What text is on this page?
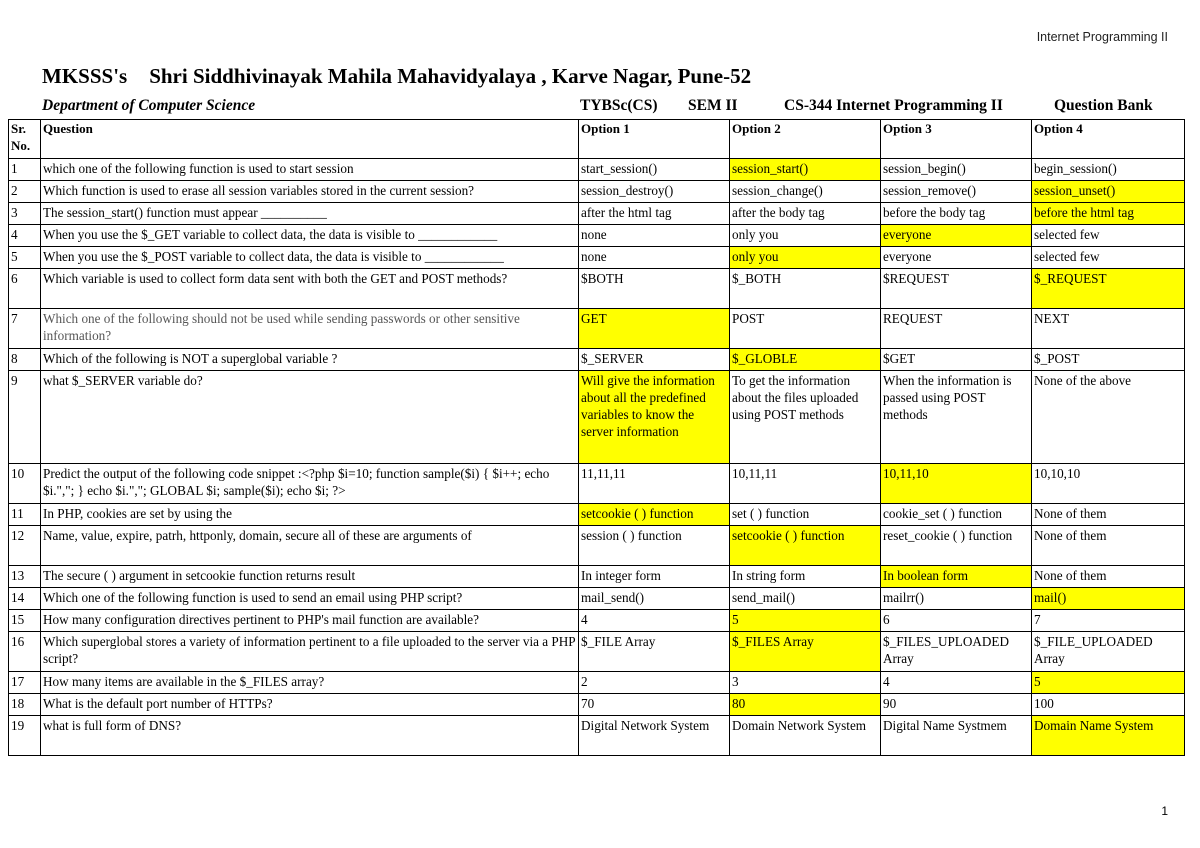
Internet Programming II
MKSSS's Shri Siddhivinayak Mahila Mahavidyalaya , Karve Nagar, Pune-52
Department of Computer Science	TYBSc(CS) SEM II	CS-344 Internet Programming II	Question Bank
Sr. No.	Question	Option 1	Option 2	Option 3	Option 4
1	which one of the following function is used to start session	start_session()	session_start()	session_begin()	begin_session()
2	Which function is used to erase all session variables stored in the current session?	session_destroy()	session_change()	session_remove()	session_unset()
3	The session_start() function must appear __________	after the html tag	after the body tag	before the body tag	before the html tag
4	When you use the $_GET variable to collect data, the data is visible to ____________	none	only you	everyone	selected few
5	When you use the $_POST variable to collect data, the data is visible to ____________	none	only you	everyone	selected few
6	Which variable is used to collect form data sent with both the GET and POST methods?	$BOTH	$_BOTH	$REQUEST	$_REQUEST
7	Which one of the following should not be used while sending passwords or other sensitive information?	GET	POST	REQUEST	NEXT
8	Which of the following is NOT a superglobal variable ?	$_SERVER	$_GLOBLE	$GET	$_POST
9	what $_SERVER variable do?	Will give the information about all the predefined variables to know the server information	To get the information about the files uploaded using POST methods	When the information is passed using POST methods	None of the above
10	Predict the output of the following code snippet :<?php $i=10; function sample($i) { $i++; echo $i.","; } echo $i.","; GLOBAL $i; sample($i); echo $i; ?>	11,11,11	10,11,11	10,11,10	10,10,10
11	In PHP, cookies are set by using the	setcookie ( ) function	set ( ) function	cookie_set ( ) function	None of them
12	Name, value, expire, patrh, httponly, domain, secure all of these are arguments of	session ( ) function	setcookie ( ) function	reset_cookie ( ) function	None of them
13	The secure ( ) argument in setcookie function returns result	In integer form	In string form	In boolean form	None of them
14	Which one of the following function is used to send an email using PHP script?	mail_send()	send_mail()	mailrr()	mail()
15	How many configuration directives pertinent to PHP's mail function are available?	4	5	6	7
16	Which superglobal stores a variety of information pertinent to a file uploaded to the server via a PHP script?	$_FILE Array	$_FILES Array	$_FILES_UPLOADED Array	$_FILE_UPLOADED Array
17	How many items are available in the $_FILES array?	2	3	4	5
18	What is the default port number of HTTPs?	70	80	90	100
19	what is full form of DNS?	Digital Network System	Domain Network System	Digital Name Systmem	Domain Name System
1
